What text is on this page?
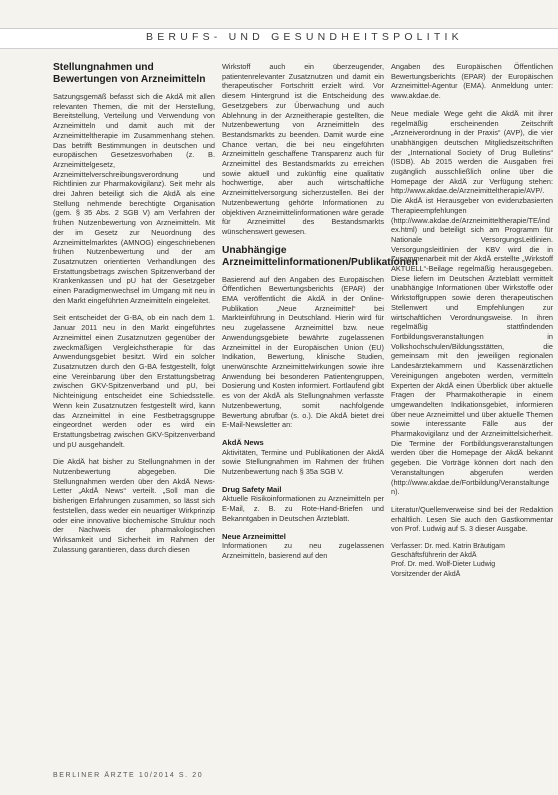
BERUFS- UND GESUNDHEITSPOLITIK
Stellungnahmen und Bewertungen von Arzneimitteln

Satzungsgemäß befasst sich die AkdÄ mit allen relevanten Themen, die mit der Herstellung, Bereitstellung, Verteilung und Verwendung von Arzneimitteln und damit auch mit der Arzneimitteltherapie im Zusammenhang stehen. Das betrifft Bestimmungen in deutschen und europäischen Gesetzesvorhaben (z. B. Arzneimittelgesetz, Arzneimittelverschreibungsverordnung und Richtlinien zur Pharmakovigilanz). Seit mehr als drei Jahren beteiligt sich die AkdÄ als eine Stellung nehmende berechtigte Organisation (gem. § 35 Abs. 2 SGB V) am Verfahren der frühen Nutzenbewertung von Arzneimitteln. Mit der im Gesetz zur Neuordnung des Arzneimittelmarktes (AMNOG) eingeschriebenen frühen Nutzenbewertung und der am Zusatznutzen orientierten Verhandlungen des Erstattungsbetrags zwischen Spitzenverband der Krankenkassen und pU hat der Gesetzgeber einen Paradigmenwechsel im Umgang mit neu in den Markt eingeführten Arzneimitteln eingeleitet.

Seit entscheidet der G-BA, ob ein nach dem 1. Januar 2011 neu in den Markt eingeführtes Arzneimittel einen Zusatznutzen gegenüber der zweckmäßigen Vergleichstherapie für das Anwendungsgebiet besitzt. Wird ein solcher Zusatznutzen durch den G-BA festgestellt, folgt eine Vereinbarung über den Erstattungsbetrag zwischen GKV-Spitzenverband und pU, bei Nichteinigung entscheidet eine Schiedsstelle. Wenn kein Zusatznutzen festgestellt wird, kann das Arzneimittel in eine Festbetragsgruppe eingeordnet werden oder es wird ein Erstattungsbetrag zwischen GKV-Spitzenverband und pU ausgehandelt.

Die AkdÄ hat bisher zu Stellungnahmen in der Nutzenbewertung abgegeben. Die Stellungnahmen werden über den AkdÄ News-Letter „AkdÄ News“ verteilt. „Soll man die bisherigen Erfahrungen zusammen, so lässt sich feststellen, dass weder ein neuartiger Wirkprinzip oder eine innovative biochemische Struktur noch der Nachweis der pharmakologischen Wirksamkeit und Sicherheit im Rahmen der Zulassung garantieren, dass durch diesen

Wirkstoff auch ein überzeugender, patientenrelevanter Zusatznutzen und damit ein therapeutischer Fortschritt erzielt wird. Vor diesem Hintergrund ist die Entscheidung des Gesetzgebers zur Überwachung und auch Ablehnung in der Arzneitherapie gestellten, die Nutzenbewertung von Arzneimitteln des Bestandsmarkts zu beenden. Damit wurde eine Chance vertan, die bei neu eingeführten Arzneimitteln geschaffene Transparenz auch für Arzneimittel des Bestandsmarkts zu erreichen sowie aktuell und zukünftig eine qualitativ hochwertige, aber auch wirtschaftliche Arzneimittelversorgung sicherzustellen. Bei der Nutzenbewertung gehörte Informationen zu objektiven Arzneimittelinformationen wäre gerade für Arzneimittel des Bestandsmarkts wünschenswert gewesen.

Unabhängige Arzneimittelinformationen/Publikationen

Basierend auf den Angaben des Europäischen Öffentlichen Bewertungsberichts (EPAR) der EMA veröffentlicht die AkdÄ in der Online-Publikation „Neue Arzneimittel“ bei Markteinführung in Deutschland. Hierin wird für neu zugelassene Arzneimittel bzw. neue Anwendungsgebiete bewährte zugelassenen Arzneimittel in der Europäischen Union (EU) Indikation, Bewertung, klinische Studien, unerwünschte Arzneimittelwirkungen sowie ihre Anwendung bei besonderen Patientengruppen, Dosierung und Kosten informiert. Fortlaufend gibt es von der AkdÄ als Stellungnahmen verfasste Nutzenbewertung, somit nachfolgende Bewertung abrufbar (s. o.). Die AkdÄ bietet drei E-Mail-Newsletter an:

AkdÄ News

Aktivitäten, Termine und Publikationen der AkdÄ sowie Stellungnahmen im Rahmen der frühen Nutzenbewertung nach § 35a SGB V.

Drug Safety Mail

Aktuelle Risikoinformationen zu Arzneimitteln per E-Mail, z. B. zu Rote-Hand-Briefen und Bekanntgaben in Deutschen Ärzteblatt.

Neue Arzneimittel

Informationen zu neu zugelassenen Arzneimitteln, basierend auf den

Angaben des Europäischen Öffentlichen Bewertungsberichts (EPAR) der Europäischen Arzneimittel-Agentur (EMA). Anmeldung unter: www.akdae.de.

Neue mediale Wege geht die AkdÄ mit ihrer regelmäßig erscheinenden Zeitschrift „Arzneiverordnung in der Praxis“ (AVP), die vier unabhängigen deutschen Mitgliedszeitschriften der „International Society of Drug Bulletins“ (ISDB). Ab 2015 werden die Ausgaben frei zugänglich ausschließlich online über die Homepage der AkdÄ zur Verfügung stehen: http://www.akdae.de/Arzneimitteltherapie/AVP/. Die AkdÄ ist Herausgeber von evidenzbasierten Therapieempfehlungen (http://www.akdae.de/Arzneimitteltherapie/TE/index.html) und beteiligt sich am Programm für Nationale VersorgungsLeitlinien. Versorgungsleitlinien der KBV wird die in Zusammenarbeit mit der AkdÄ erstellte „Wirkstoff AKTUELL“-Beilage regelmäßig herausgegeben. Diese liefern im Deutschen Ärzteblatt vermittelt unabhängige Informationen über Wirkstoffe oder Wirkstoffgruppen sowie deren therapeutischen Stellenwert und Empfehlungen zur wirtschaftlichen Verordnungsweise. In ihren regelmäßig stattfindenden Fortbildungsveranstaltungen in Volkshochschulen/Bildungsstätten, die gemeinsam mit den jeweiligen regionalen Landesärztekammern und Kassenärztlichen Vereinigungen angeboten werden, vermitteln Experten der AkdÄ einen Überblick über aktuelle Fragen der Pharmakotherapie in einem umgewandelten Indikationsgebiet, informieren über neue Arzneimittel und über aktuelle Themen sowie interessante Fälle aus der Pharmakovigilanz und der Arzneimittelsicherheit. Die Termine der Fortbildungsveranstaltungen werden über die Homepage der AkdÄ bekannt gegeben. Die Vorträge können dort nach den Veranstaltungen abgerufen werden (http://www.akdae.de/Fortbildung/Veranstaltungen).

Literatur/Quellenverweise sind bei der Redaktion erhältlich. Lesen Sie auch den Gastkommentar von Prof. Ludwig auf S. 3 dieser Ausgabe.

Verfasser: Dr. med. Katrin Bräutigam
Geschäftsführerin der AkdÄ
Prof. Dr. med. Wolf-Dieter Ludwig
Vorsitzender der AkdÄ
BERLINER ÄRZTE 10/2014 S. 20
